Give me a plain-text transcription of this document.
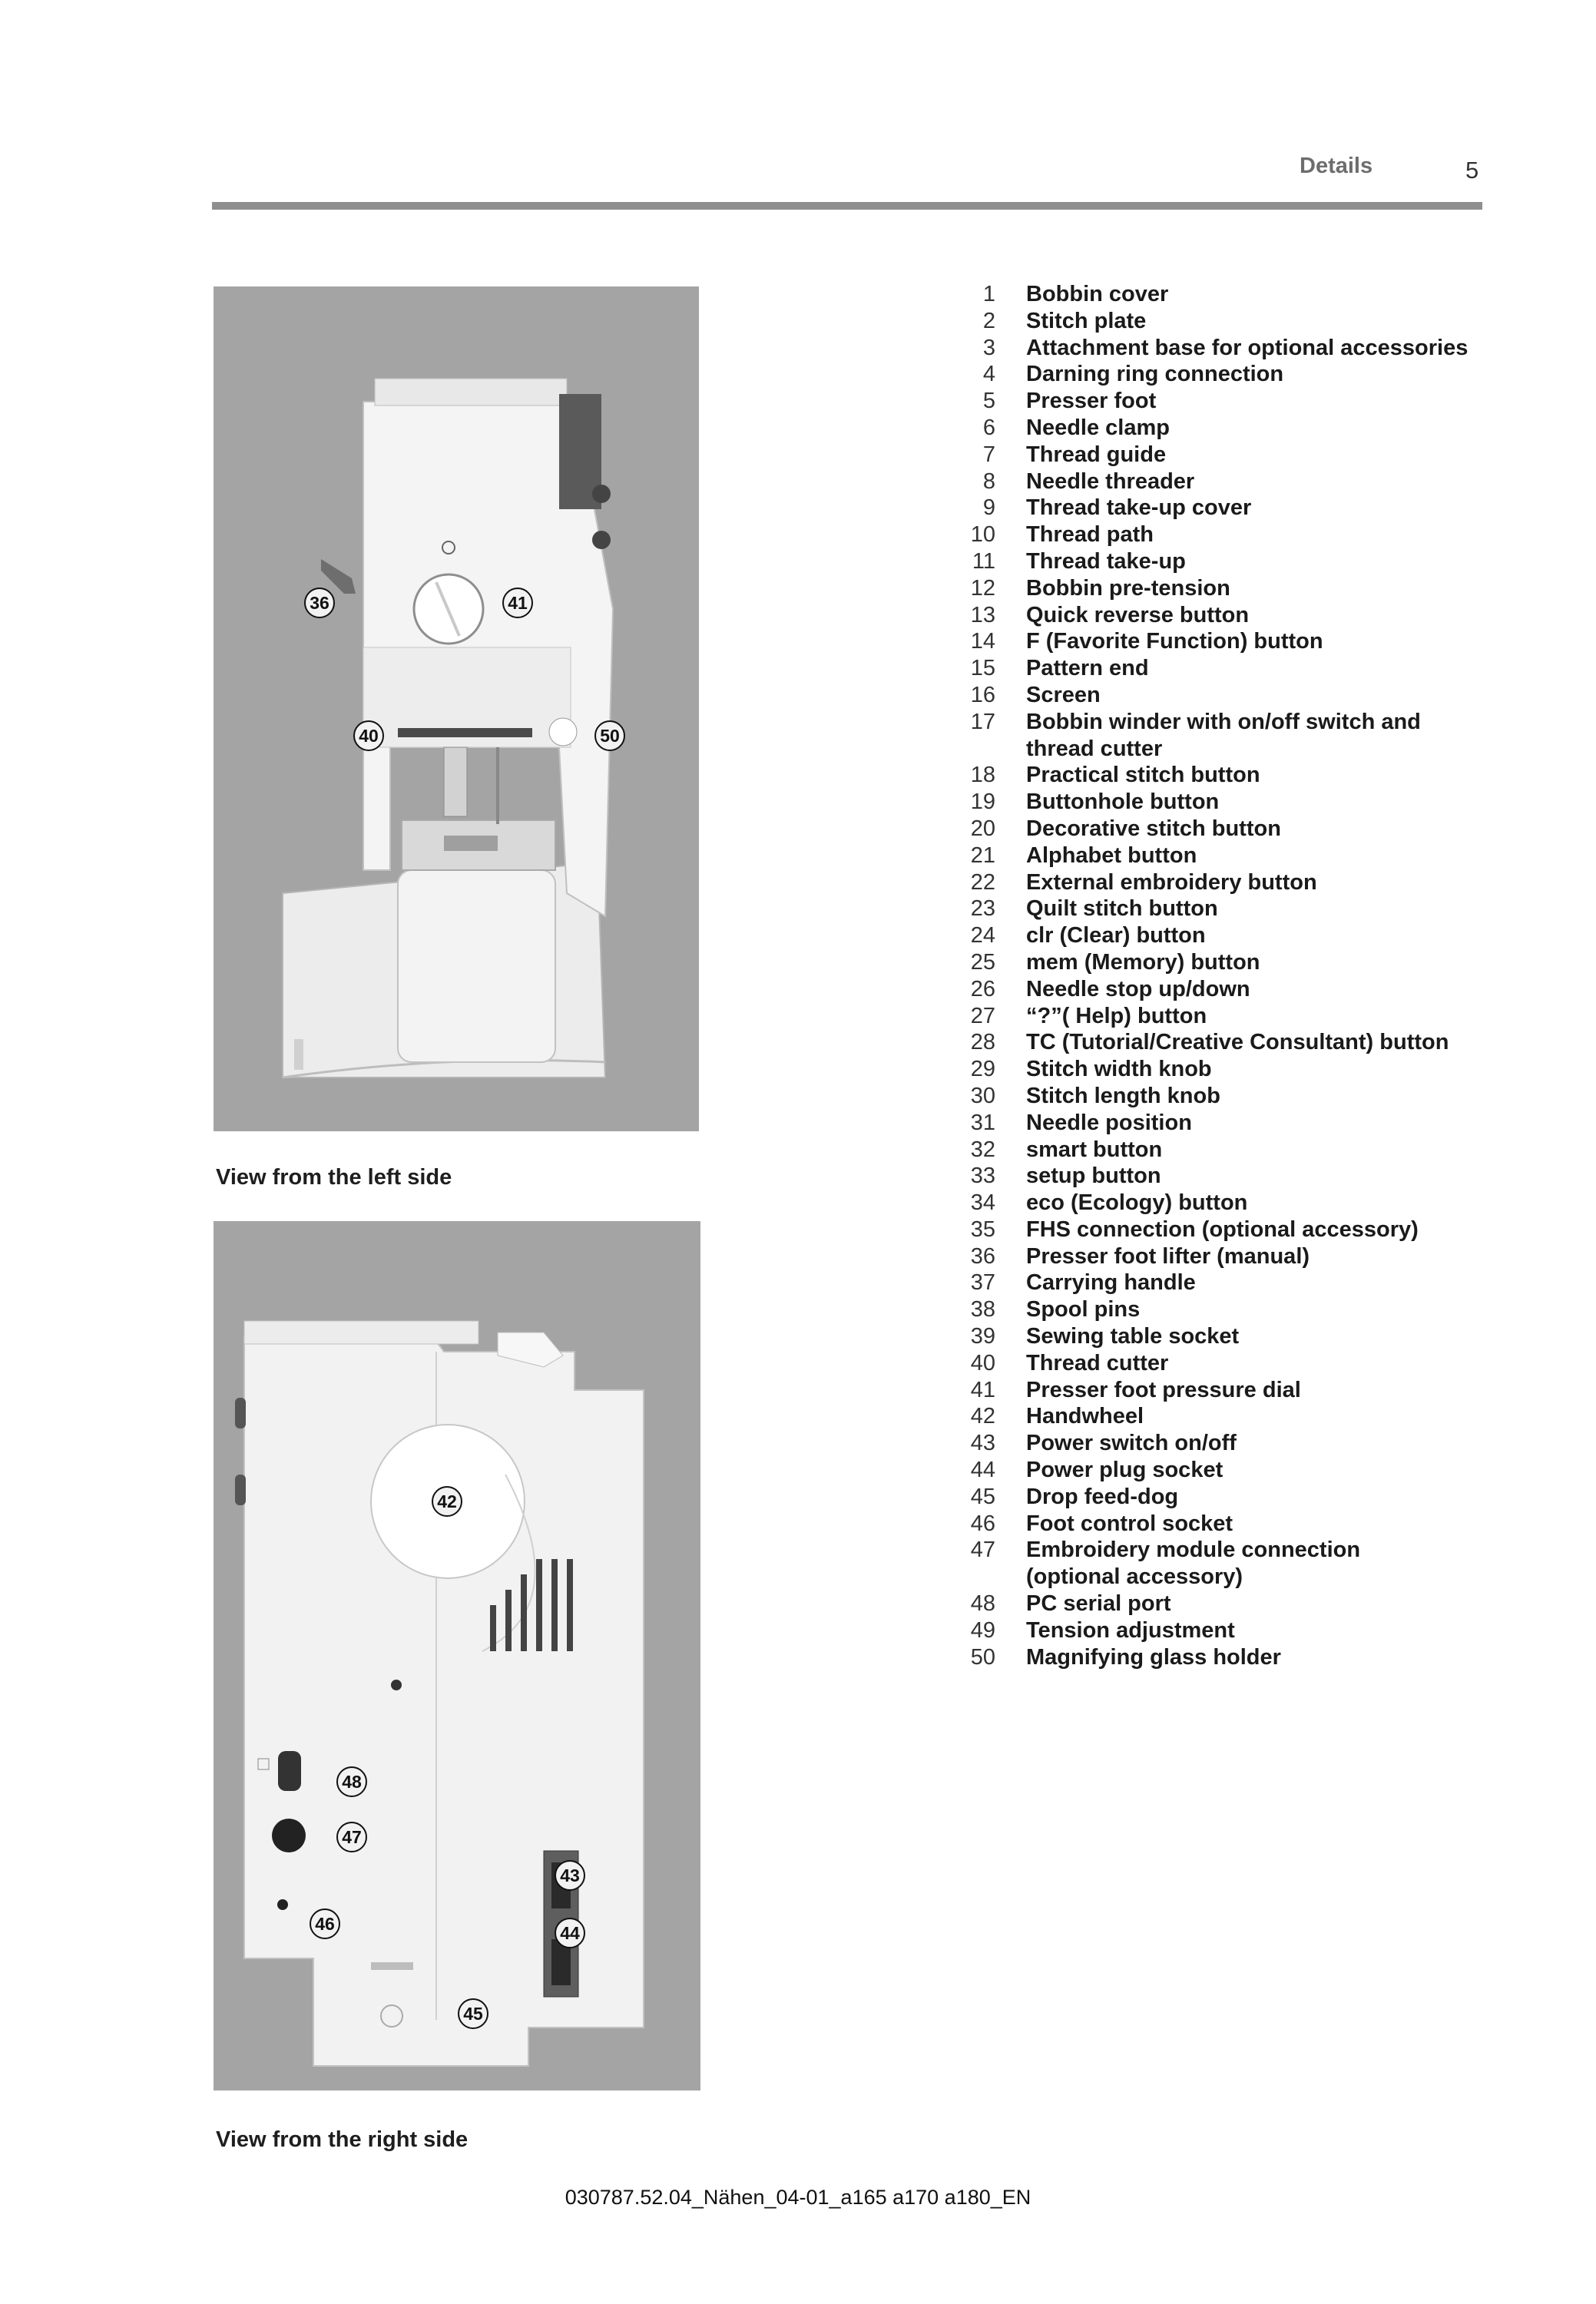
Details	5
36	41
40	50
View from the left side
42
48
47
43
46	44
45
View from the right side
1 Bobbin cover
2 Stitch plate
3 Attachment base for optional accessories
4 Darning ring connection
5 Presser foot
6 Needle clamp
7 Thread guide
8 Needle threader
9 Thread take-up cover
10 Thread path
11 Thread take-up
12 Bobbin pre-tension
13 Quick reverse button
14 F (Favorite Function) button
15 Pattern end
16 Screen
17 Bobbin winder with on/off switch and
thread cutter
18 Practical stitch button
19 Buttonhole button
20 Decorative stitch button
21 Alphabet button
22 External embroidery button
23 Quilt stitch button
24 clr (Clear) button
25 mem (Memory) button
26 Needle stop up/down
27 “?”( Help) button
28 TC (Tutorial/Creative Consultant) button
29 Stitch width knob
30 Stitch length knob
31 Needle position
32 smart button
33 setup button
34 eco (Ecology) button
35 FHS connection (optional accessory)
36 Presser foot lifter (manual)
37 Carrying handle
38 Spool pins
39 Sewing table socket
40 Thread cutter
41 Presser foot pressure dial
42 Handwheel
43 Power switch on/off
44 Power plug socket
45 Drop feed-dog
46 Foot control socket
47 Embroidery module connection
(optional accessory)
48 PC serial port
49 Tension adjustment
50 Magnifying glass holder
030787.52.04_Nähen_04-01_a165 a170 a180_EN
